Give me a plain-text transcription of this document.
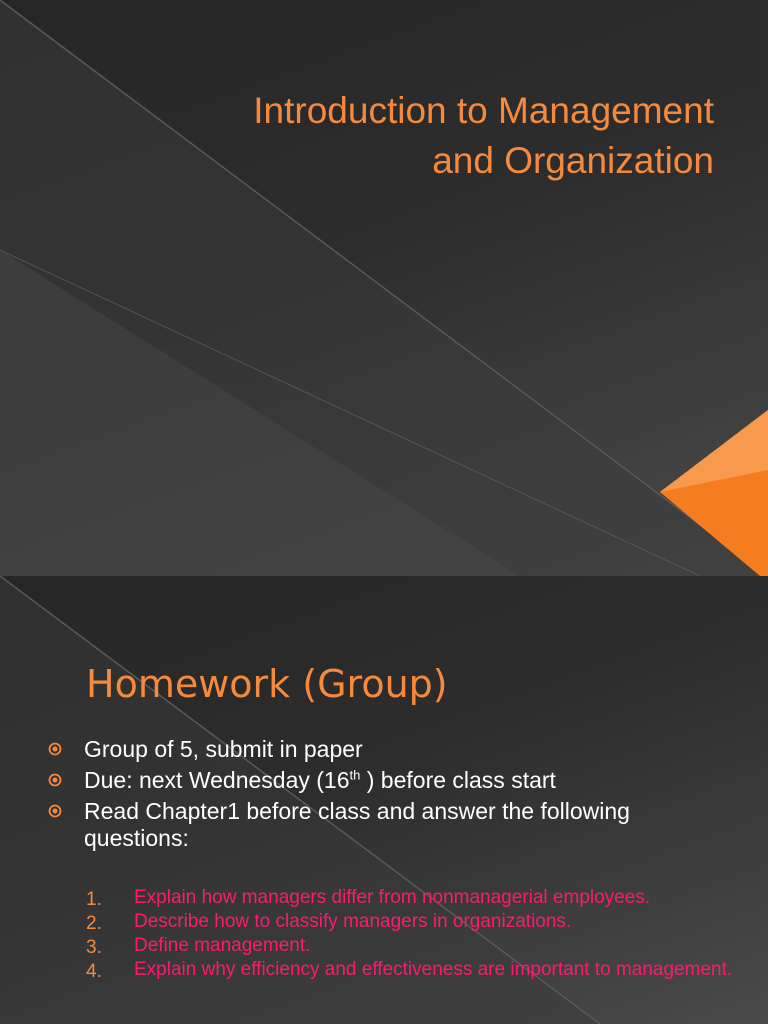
Introduction to Management
and Organization
Homework (Group)
Group of 5, submit in paper
Due: next Wednesday (16th ) before class start
Read Chapter1 before class and answer the following questions:
1. Explain how managers differ from nonmanagerial employees.
2. Describe how to classify managers in organizations.
3. Define management.
4. Explain why efficiency and effectiveness are important to management.
